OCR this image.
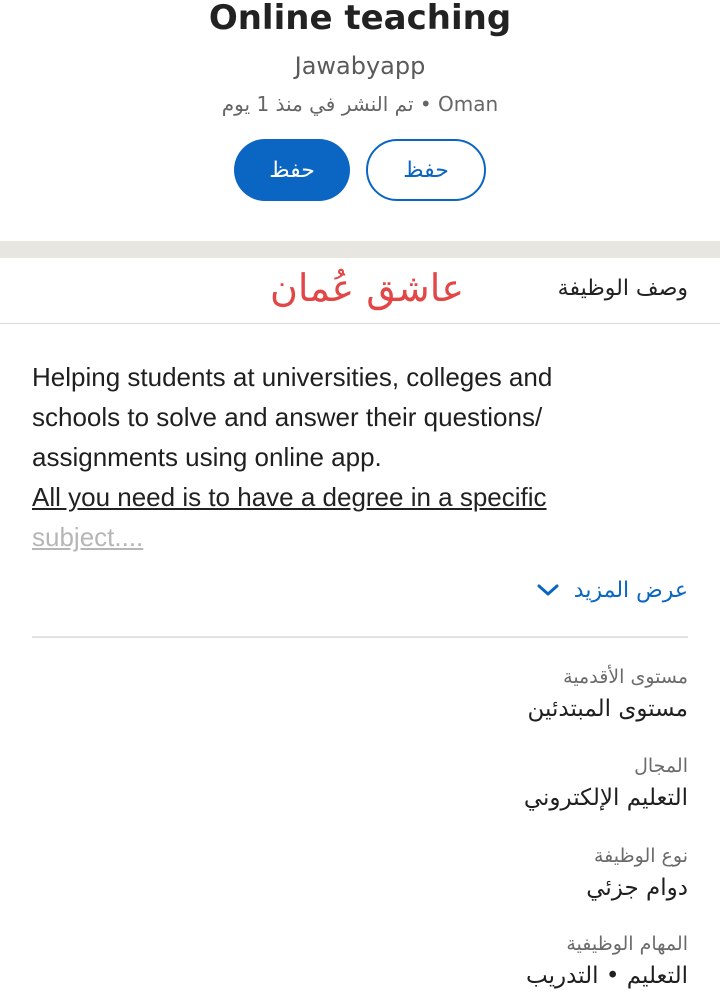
Online teaching
Jawabyapp
Oman • تم النشر في منذ 1 يوم
حفظ	حفظ
وصف الوظيفة
عاشق عُمان

Helping students at universities, colleges and

schools to solve and answer their questions/

assignments using online app.

All you need is to have a degree in a specific

subject....

عرض المزيد
مستوى الأقدمية
مستوى المبتدئين
المجال
التعليم الإلكتروني
نوع الوظيفة
دوام جزئي
المهام الوظيفية
التعليم • التدريب
